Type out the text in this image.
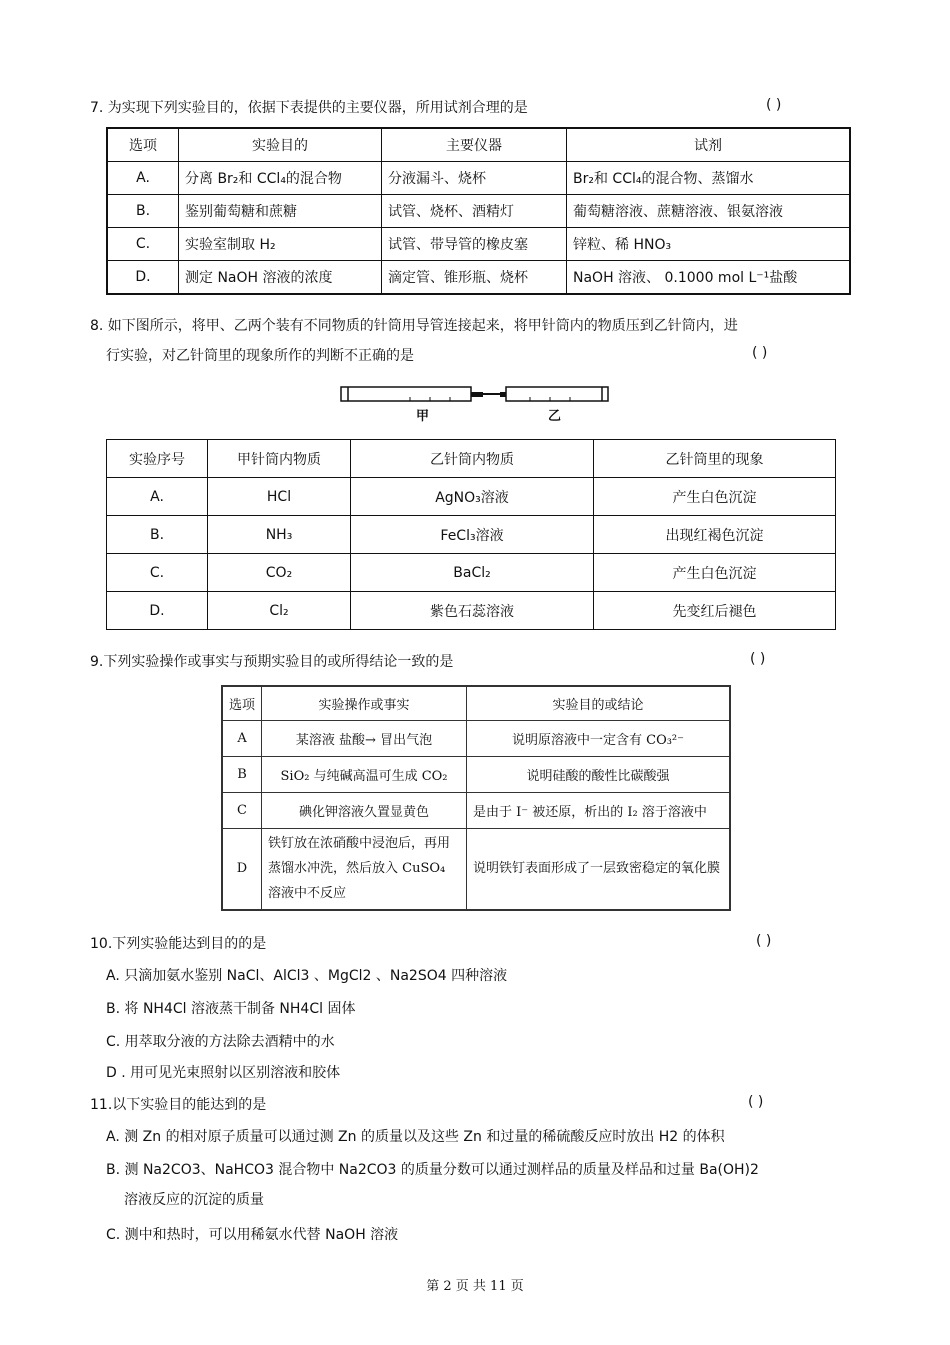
7. 为实现下列实验目的，依据下表提供的主要仪器，所用试剂合理的是	( )
选项	实验目的	主要仪器	试剂
A.	分离 Br₂和 CCl₄的混合物	分液漏斗、烧杯	Br₂和 CCl₄的混合物、蒸馏水
B.	鉴别葡萄糖和蔗糖	试管、烧杯、酒精灯	葡萄糖溶液、蔗糖溶液、银氨溶液
C.	实验室制取 H₂	试管、带导管的橡皮塞	锌粒、稀 HNO₃
D.	测定 NaOH 溶液的浓度	滴定管、锥形瓶、烧杯	NaOH 溶液、 0.1000 mol L⁻¹盐酸
8. 如下图所示，将甲、乙两个装有不同物质的针筒用导管连接起来，将甲针筒内的物质压到乙针筒内，进
行实验，对乙针筒里的现象所作的判断不正确的是	( )
甲	乙
实验序号	甲针筒内物质	乙针筒内物质	乙针筒里的现象
A.	HCl	AgNO₃溶液	产生白色沉淀
B.	NH₃	FeCl₃溶液	出现红褐色沉淀
C.	CO₂	BaCl₂	产生白色沉淀
D.	Cl₂	紫色石蕊溶液	先变红后褪色
9.下列实验操作或事实与预期实验目的或所得结论一致的是	( )
选项	实验操作或事实	实验目的或结论
A	某溶液 盐酸→ 冒出气泡	说明原溶液中一定含有 CO₃²⁻
B	SiO₂ 与纯碱高温可生成 CO₂	说明硅酸的酸性比碳酸强
C	碘化钾溶液久置显黄色	是由于 I⁻ 被还原，析出的 I₂ 溶于溶液中
D	铁钉放在浓硝酸中浸泡后，再用蒸馏水冲洗，然后放入 CuSO₄ 溶液中不反应	说明铁钉表面形成了一层致密稳定的氧化膜
10.下列实验能达到目的的是	( )
A. 只滴加氨水鉴别 NaCl、AlCl3 、MgCl2 、Na2SO4 四种溶液
B. 将 NH4Cl 溶液蒸干制备 NH4Cl 固体
C. 用萃取分液的方法除去酒精中的水
D . 用可见光束照射以区别溶液和胶体
11.以下实验目的能达到的是	( )
A. 测 Zn 的相对原子质量可以通过测 Zn 的质量以及这些 Zn 和过量的稀硫酸反应时放出 H2 的体积
B. 测 Na2CO3、NaHCO3 混合物中 Na2CO3 的质量分数可以通过测样品的质量及样品和过量 Ba(OH)2
溶液反应的沉淀的质量
C. 测中和热时，可以用稀氨水代替 NaOH 溶液
第 2 页 共 11 页
